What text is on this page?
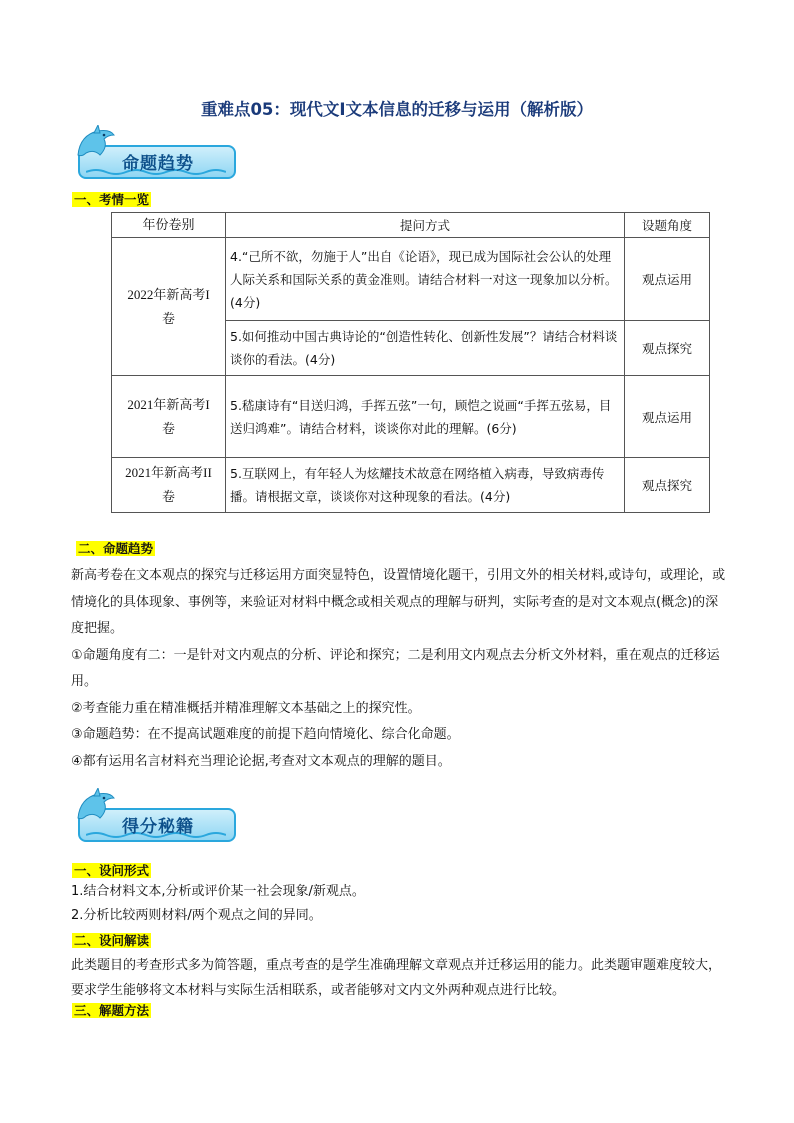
重难点05：现代文I文本信息的迁移与运用（解析版）
命题趋势
一、考情一览
年份卷别	提问方式	设题角度
2022年新高考I卷	4.“己所不欲，勿施于人”出自《论语》，现已成为国际社会公认的处理人际关系和国际关系的黄金准则。请结合材料一对这一现象加以分析。(4分)	观点运用
	5.如何推动中国古典诗论的“创造性转化、创新性发展”？请结合材料谈谈你的看法。(4分)	观点探究
2021年新高考I卷	5.嵇康诗有“目送归鸿，手挥五弦”一句，顾恺之说画“手挥五弦易，目送归鸿难”。请结合材料，谈谈你对此的理解。(6分)	观点运用
2021年新高考II卷	5.互联网上，有年轻人为炫耀技术故意在网络植入病毒，导致病毒传播。请根据文章，谈谈你对这种现象的看法。(4分)	观点探究
二、命题趋势

新高考卷在文本观点的探究与迁移运用方面突显特色，设置情境化题干，引用文外的相关材料,或诗句，或理论，或情境化的具体现象、事例等，来验证对材料中概念或相关观点的理解与研判，实际考查的是对文本观点(概念)的深度把握。

①命题角度有二：一是针对文内观点的分析、评论和探究；二是利用文内观点去分析文外材料，重在观点的迁移运用。

②考查能力重在精准概括并精准理解文本基础之上的探究性。

③命题趋势：在不提高试题难度的前提下趋向情境化、综合化命题。

④都有运用名言材料充当理论论据,考查对文本观点的理解的题目。

得分秘籍
一、设问形式

1.结合材料文本,分析或评价某一社会现象/新观点。

2.分析比较两则材料/两个观点之间的异同。

二、设问解读

此类题目的考查形式多为简答题，重点考查的是学生准确理解文章观点并迁移运用的能力。此类题审题难度较大，要求学生能够将文本材料与实际生活相联系，或者能够对文内文外两种观点进行比较。

三、解题方法
